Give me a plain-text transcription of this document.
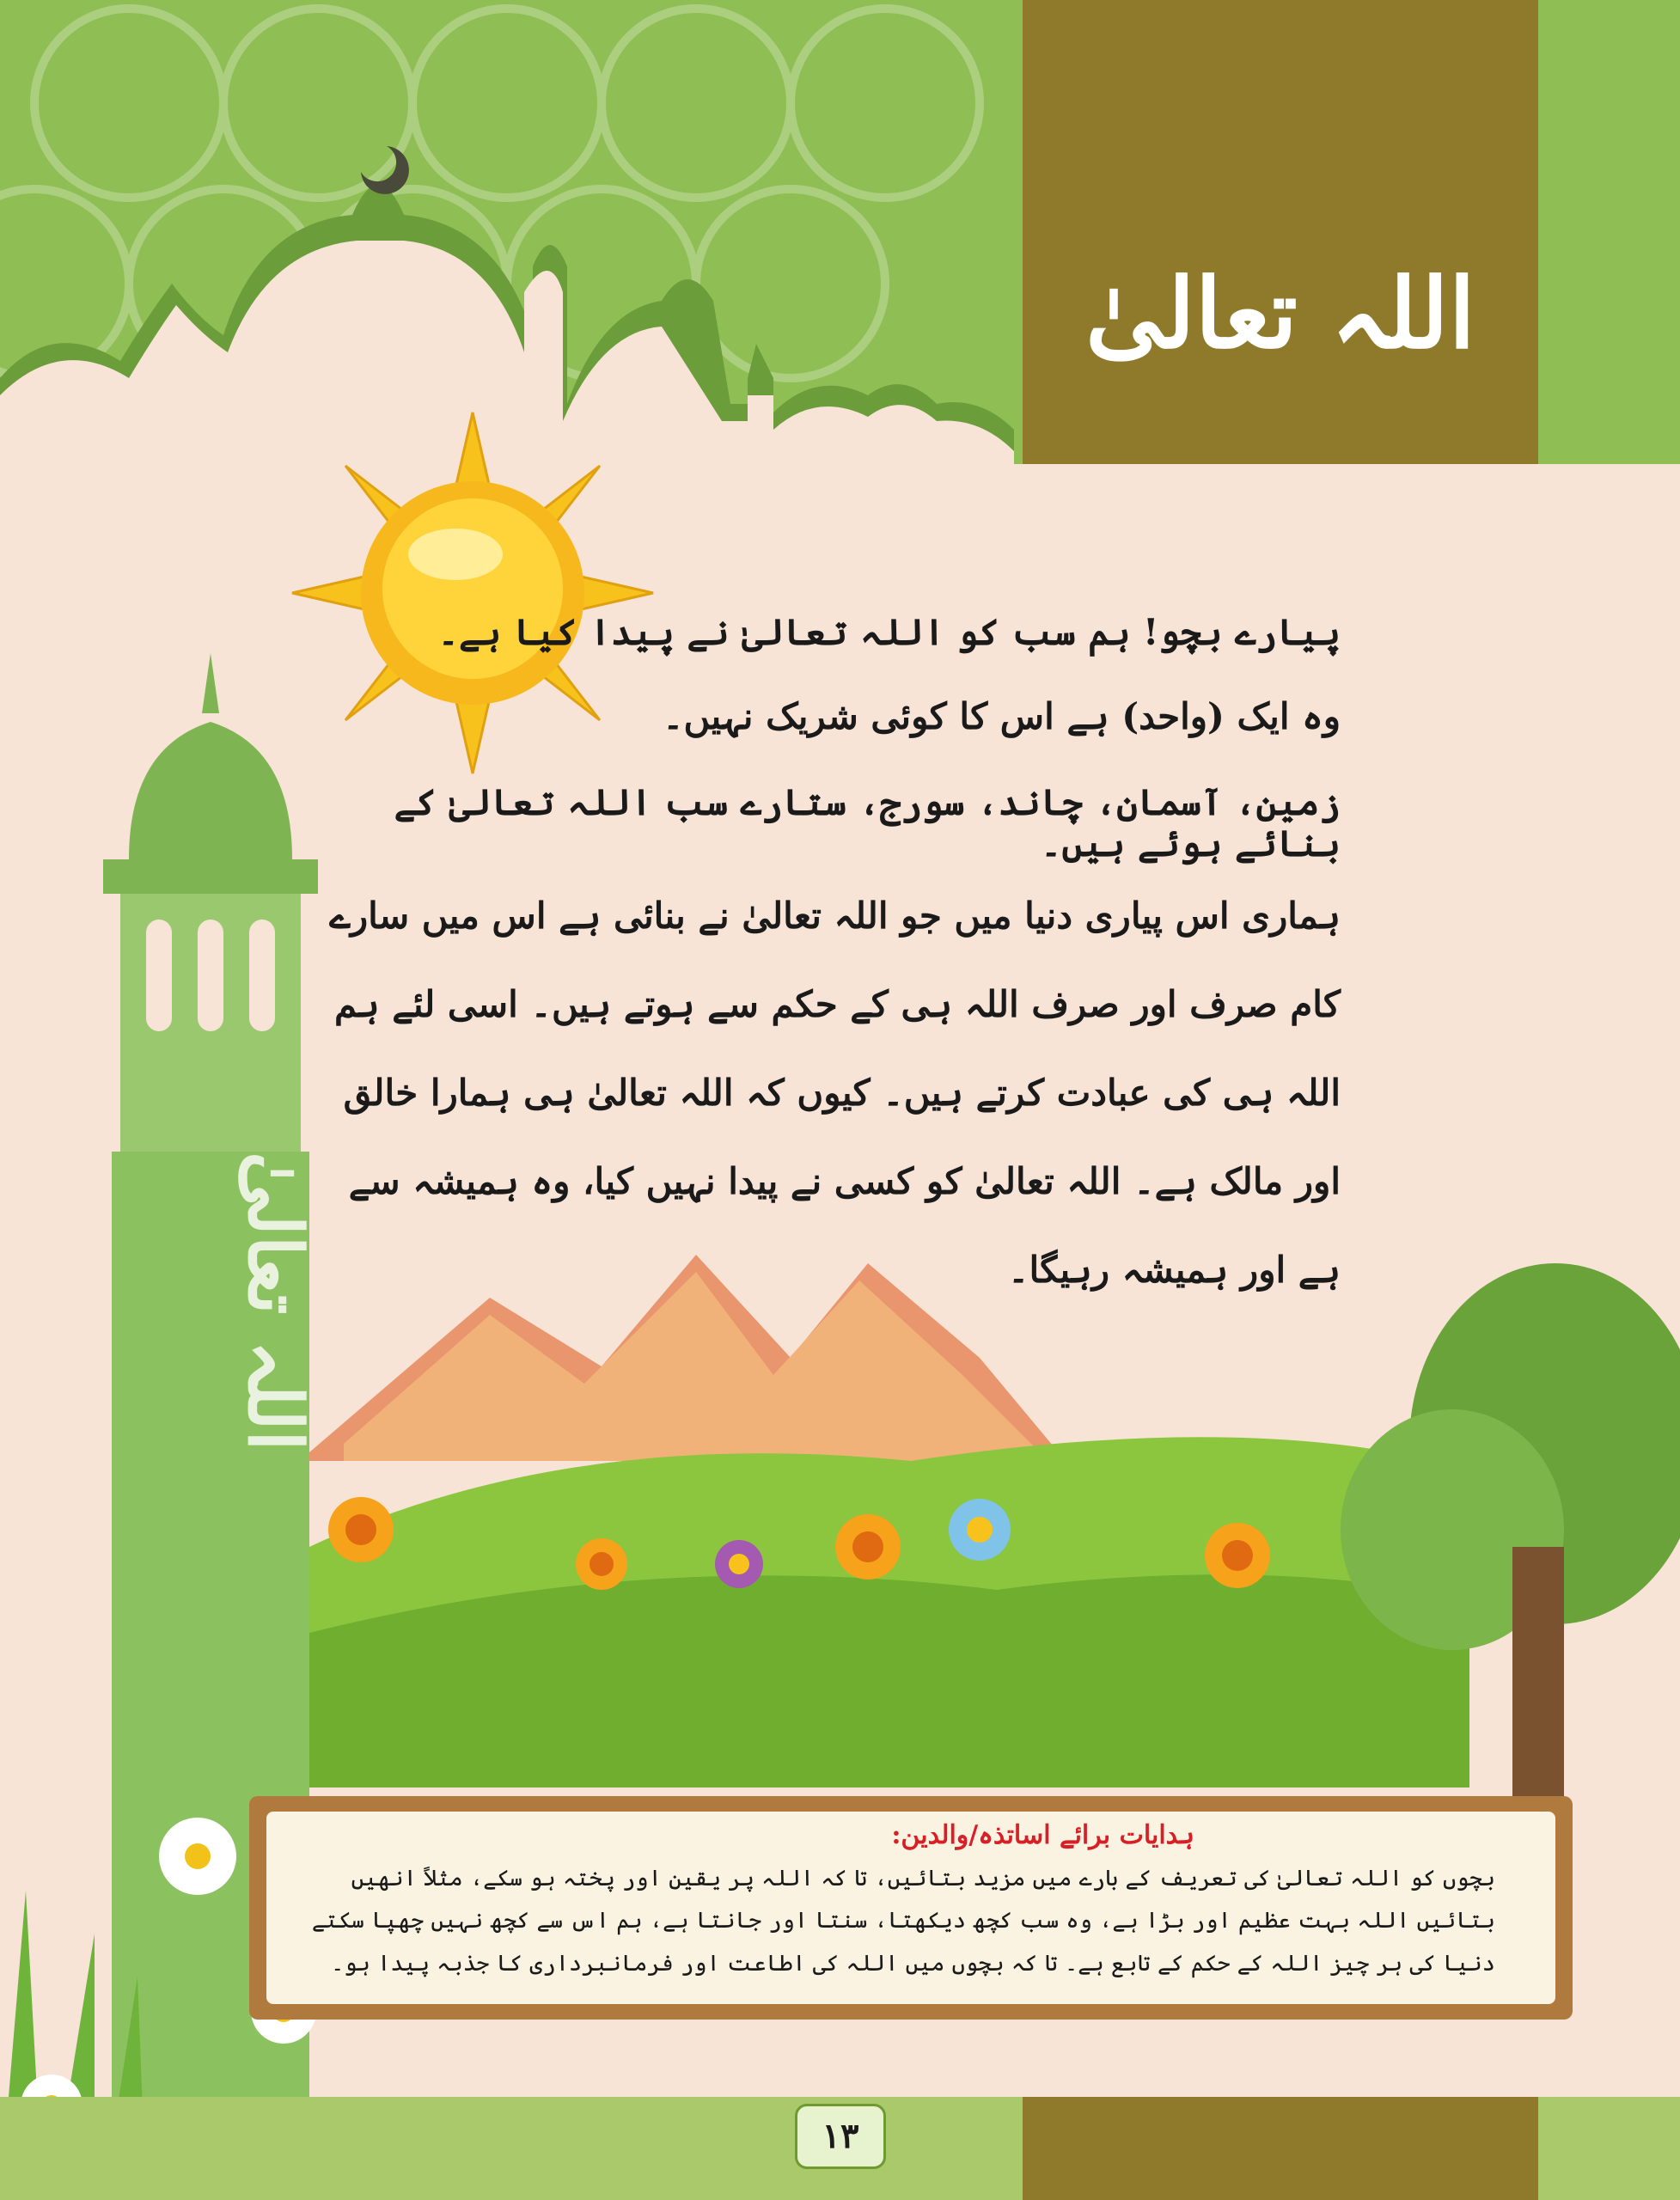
اللہ تعالیٰ
اللہ تعالیٰ
پیارے بچو! ہم سب کو اللہ تعالیٰ نے پیدا کیا ہے۔
وہ ایک (واحد) ہے اس کا کوئی شریک نہیں۔
زمین، آسمان، چاند، سورج، ستارے سب اللہ تعالیٰ کے بنائے ہوئے ہیں۔
ہماری اس پیاری دنیا میں جو اللہ تعالیٰ نے بنائی ہے اس میں سارے کام صرف اور صرف اللہ ہی کے حکم سے ہوتے ہیں۔ اسی لئے ہم اللہ ہی کی عبادت کرتے ہیں۔ کیوں کہ اللہ تعالیٰ ہی ہمارا خالق اور مالک ہے۔ اللہ تعالیٰ کو کسی نے پیدا نہیں کیا، وہ ہمیشہ سے ہے اور ہمیشہ رہیگا۔
ہدایات برائے اساتذہ/والدین:
بچوں کو اللہ تعالیٰ کی تعریف کے بارے میں مزید بتائیں، تا کہ اللہ پر یقین اور پختہ ہو سکے، مثلاً انھیں بتائیں اللہ بہت عظیم اور بڑا ہے، وہ سب کچھ دیکھتا، سنتا اور جانتا ہے، ہم اس سے کچھ نہیں چھپا سکتے دنیا کی ہر چیز اللہ کے حکم کے تابع ہے۔ تا کہ بچوں میں اللہ کی اطاعت اور فرمانبرداری کا جذبہ پیدا ہو۔
۱۳
